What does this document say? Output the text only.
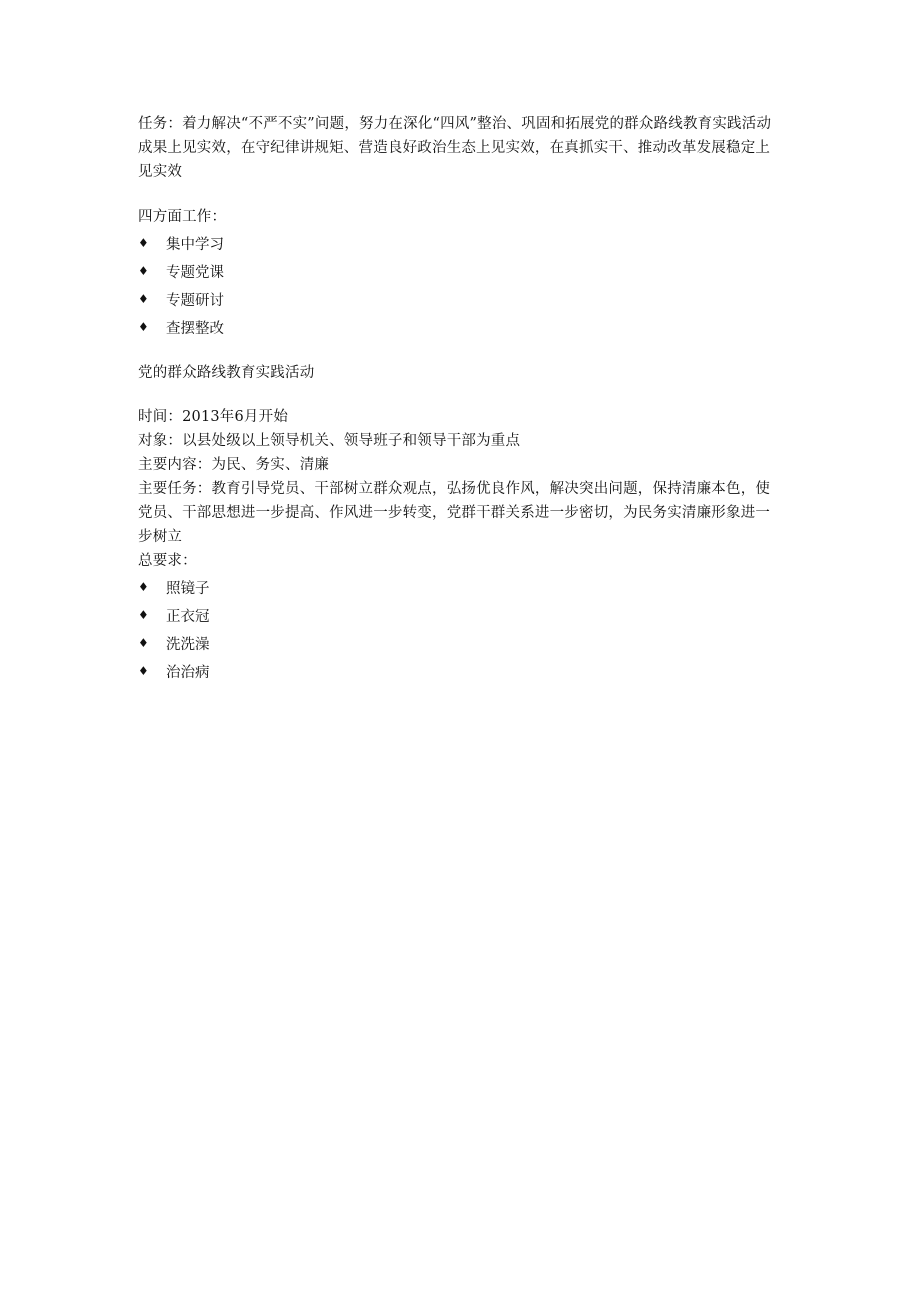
任务：着力解决“不严不实”问题，努力在深化“四风”整治、巩固和拓展党的群众路线教育实践活动成果上见实效，在守纪律讲规矩、营造良好政治生态上见实效，在真抓实干、推动改革发展稳定上见实效

四方面工作：

♦	集中学习
♦	专题党课
♦	专题研讨
♦	查摆整改

党的群众路线教育实践活动

时间：2013年6月开始

对象：以县处级以上领导机关、领导班子和领导干部为重点

主要内容：为民、务实、清廉

主要任务：教育引导党员、干部树立群众观点，弘扬优良作风，解决突出问题，保持清廉本色，使党员、干部思想进一步提高、作风进一步转变，党群干群关系进一步密切，为民务实清廉形象进一步树立

总要求：

♦	照镜子
♦	正衣冠
♦	洗洗澡
♦	治治病
